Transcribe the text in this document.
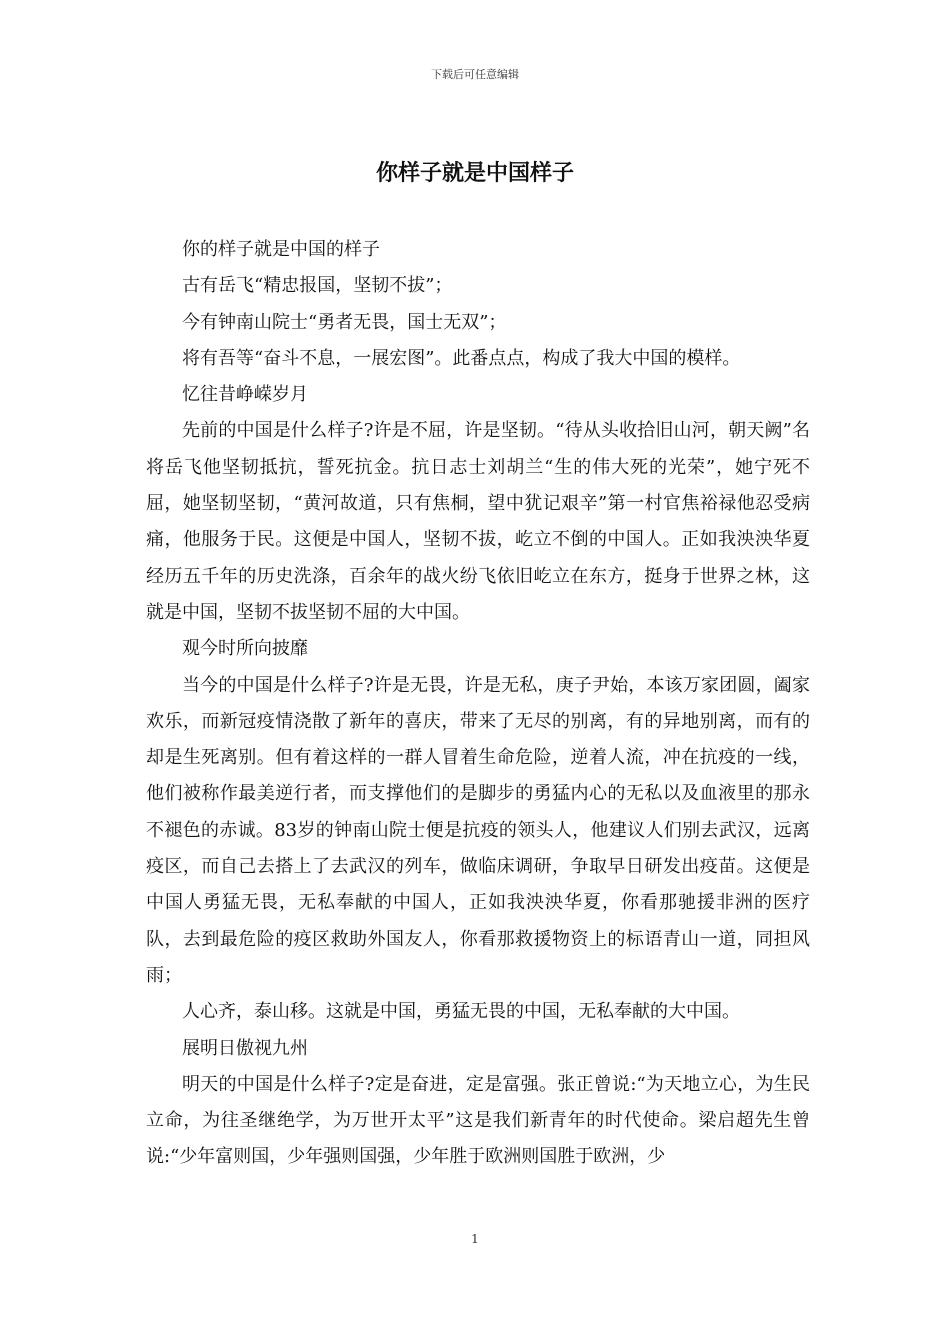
下载后可任意编辑
你样子就是中国样子

你的样子就是中国的样子

古有岳飞“精忠报国，坚韧不拔”；

今有钟南山院士“勇者无畏，国士无双”；

将有吾等“奋斗不息，一展宏图”。此番点点，构成了我大中国的模样。

忆往昔峥嵘岁月

先前的中国是什么样子?许是不屈，许是坚韧。“待从头收拾旧山河，朝天阙”名将岳飞他坚韧抵抗，誓死抗金。抗日志士刘胡兰“生的伟大死的光荣”，她宁死不屈，她坚韧坚韧，“黄河故道，只有焦桐，望中犹记艰辛”第一村官焦裕禄他忍受病痛，他服务于民。这便是中国人，坚韧不拔，屹立不倒的中国人。正如我泱泱华夏经历五千年的历史洗涤，百余年的战火纷飞依旧屹立在东方，挺身于世界之林，这就是中国，坚韧不拔坚韧不屈的大中国。

观今时所向披靡

当今的中国是什么样子?许是无畏，许是无私，庚子尹始，本该万家团圆，阖家欢乐，而新冠疫情浇散了新年的喜庆，带来了无尽的别离，有的异地别离，而有的却是生死离别。但有着这样的一群人冒着生命危险，逆着人流，冲在抗疫的一线，他们被称作最美逆行者，而支撑他们的是脚步的勇猛内心的无私以及血液里的那永不褪色的赤诚。83岁的钟南山院士便是抗疫的领头人，他建议人们别去武汉，远离疫区，而自己去搭上了去武汉的列车，做临床调研，争取早日研发出疫苗。这便是中国人勇猛无畏，无私奉献的中国人，正如我泱泱华夏，你看那驰援非洲的医疗队，去到最危险的疫区救助外国友人，你看那救援物资上的标语青山一道，同担风雨；

人心齐，泰山移。这就是中国，勇猛无畏的中国，无私奉献的大中国。

展明日傲视九州

明天的中国是什么样子?定是奋进，定是富强。张正曾说:“为天地立心，为生民立命，为往圣继绝学，为万世开太平”这是我们新青年的时代使命。梁启超先生曾说:“少年富则国，少年强则国强，少年胜于欧洲则国胜于欧洲，少

1
